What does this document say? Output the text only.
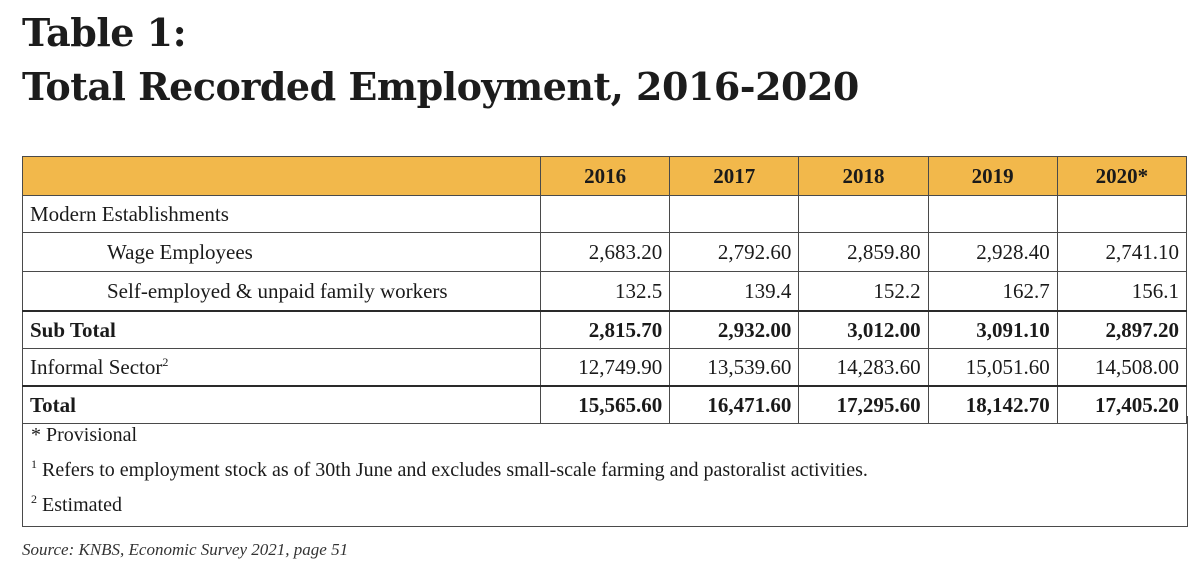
Table 1:
Total Recorded Employment, 2016-2020
	2016	2017	2018	2019	2020*
Modern Establishments					
Wage Employees	2,683.20	2,792.60	2,859.80	2,928.40	2,741.10
Self-employed & unpaid family workers	132.5	139.4	152.2	162.7	156.1
Sub Total	2,815.70	2,932.00	3,012.00	3,091.10	2,897.20
Informal Sector$^2$	12,749.90	13,539.60	14,283.60	15,051.60	14,508.00
Total	15,565.60	16,471.60	17,295.60	18,142.70	17,405.20
* Provisional
$^1$ Refers to employment stock as of 30th June and excludes small-scale farming and pastoralist activities.
$^2$ Estimated
Source: KNBS, Economic Survey 2021, page 51
